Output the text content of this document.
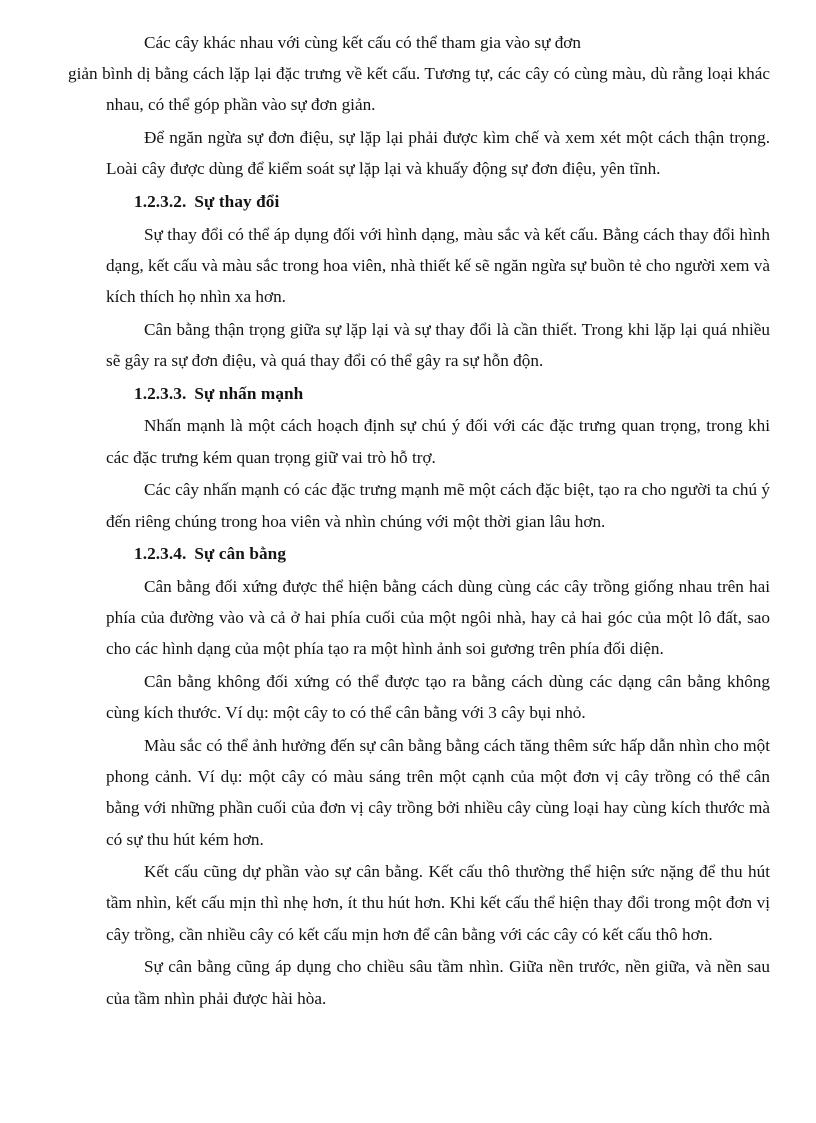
Các cây khác nhau với cùng kết cấu có thể tham gia vào sự đơn
giản bình dị bằng cách lặp lại đặc trưng về kết cấu. Tương tự, các cây có cùng màu, dù rằng loại khác nhau, có thể góp phần vào sự đơn giản.

Để ngăn ngừa sự đơn điệu, sự lặp lại phải được kìm chế và xem xét một cách thận trọng. Loài cây được dùng để kiểm soát sự lặp lại và khuấy động sự đơn điệu, yên tĩnh.

1.2.3.2. Sự thay đổi

Sự thay đổi có thể áp dụng đối với hình dạng, màu sắc và kết cấu. Bằng cách thay đổi hình dạng, kết cấu và màu sắc trong hoa viên, nhà thiết kế sẽ ngăn ngừa sự buồn tẻ cho người xem và kích thích họ nhìn xa hơn.

Cân bằng thận trọng giữa sự lặp lại và sự thay đổi là cần thiết. Trong khi lặp lại quá nhiều sẽ gây ra sự đơn điệu, và quá thay đổi có thể gây ra sự hỗn độn.

1.2.3.3. Sự nhấn mạnh

Nhấn mạnh là một cách hoạch định sự chú ý đối với các đặc trưng quan trọng, trong khi các đặc trưng kém quan trọng giữ vai trò hỗ trợ.

Các cây nhấn mạnh có các đặc trưng mạnh mẽ một cách đặc biệt, tạo ra cho người ta chú ý đến riêng chúng trong hoa viên và nhìn chúng với một thời gian lâu hơn.

1.2.3.4. Sự cân bằng

Cân bằng đối xứng được thể hiện bằng cách dùng cùng các cây trồng giống nhau trên hai phía của đường vào và cả ở hai phía cuối của một ngôi nhà, hay cả hai góc của một lô đất, sao cho các hình dạng của một phía tạo ra một hình ảnh soi gương trên phía đối diện.

Cân bằng không đối xứng có thể được tạo ra bằng cách dùng các dạng cân bằng không cùng kích thước. Ví dụ: một cây to có thể cân bằng với 3 cây bụi nhỏ.

Màu sắc có thể ảnh hưởng đến sự cân bằng bằng cách tăng thêm sức hấp dẫn nhìn cho một phong cảnh. Ví dụ: một cây có màu sáng trên một cạnh của một đơn vị cây trồng có thể cân bằng với những phần cuối của đơn vị cây trồng bởi nhiều cây cùng loại hay cùng kích thước mà có sự thu hút kém hơn.

Kết cấu cũng dự phần vào sự cân bằng. Kết cấu thô thường thể hiện sức nặng để thu hút tầm nhìn, kết cấu mịn thì nhẹ hơn, ít thu hút hơn. Khi kết cấu thể hiện thay đổi trong một đơn vị cây trồng, cần nhiều cây có kết cấu mịn hơn để cân bằng với các cây có kết cấu thô hơn.

Sự cân bằng cũng áp dụng cho chiều sâu tầm nhìn. Giữa nền trước, nền giữa, và nền sau của tầm nhìn phải được hài hòa.
